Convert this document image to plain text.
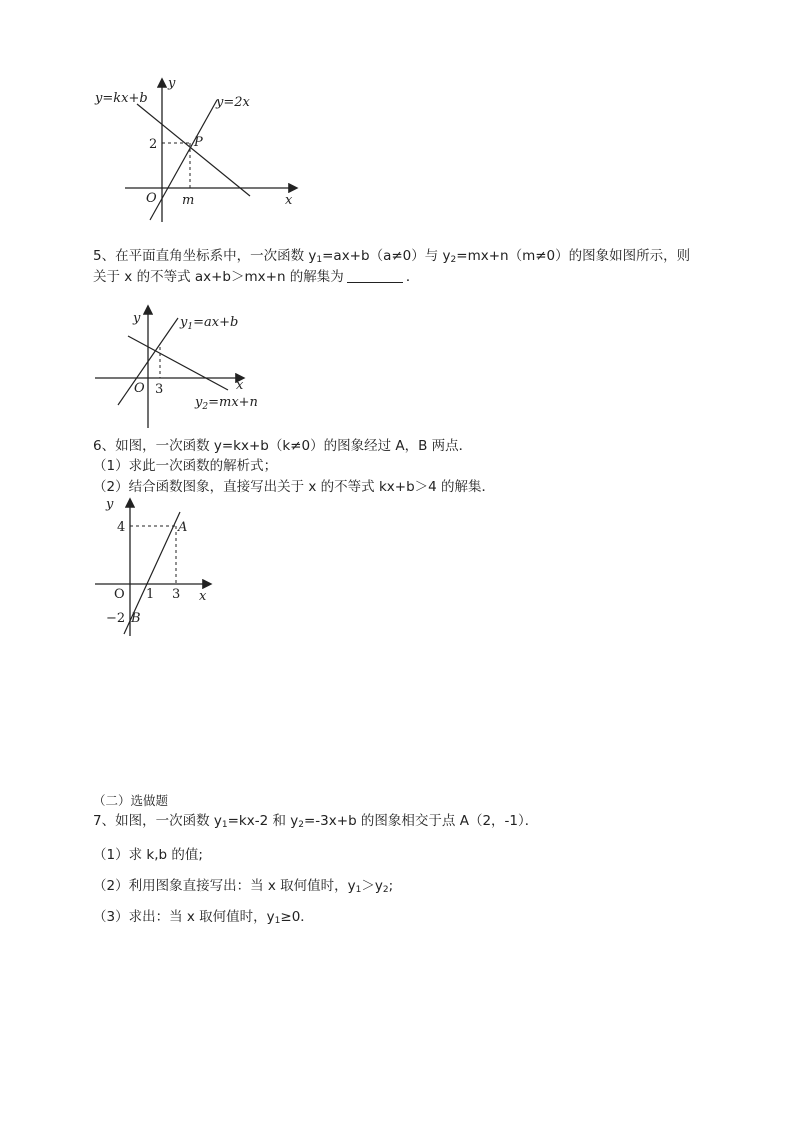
y=kx+b	y=2x
y
x
O
2
m
P
5、在平面直角坐标系中，一次函数 $y_1=ax+b(a\ne 0)$与 $y_2=mx+n(m\ne 0)$的图象如图所示，则
关于 x 的不等式 ax+b＞mx+n 的解集为	．
y
x
O 3
$y_1=ax+b$
$y_2=mx+n$
6、如图，一次函数 y=kx+b（k≠0）的图象经过 A，B 两点．
（1）求此一次函数的解析式；
（2）结合函数图象，直接写出关于 x 的不等式 kx+b＞4 的解集．
y
x
O
4
1 3
−2
A
B
（二）选做题
7、如图，一次函数 $y_1=kx-2$ 和 $y_2=-3x+b$ 的图象相交于点 A（2，-1）．
（1）求 k,b 的值;
（2）利用图象直接写出：当 x 取何值时，$y_1>y_2$;
（3）求出：当 x 取何值时，$y_1\ge 0$．
